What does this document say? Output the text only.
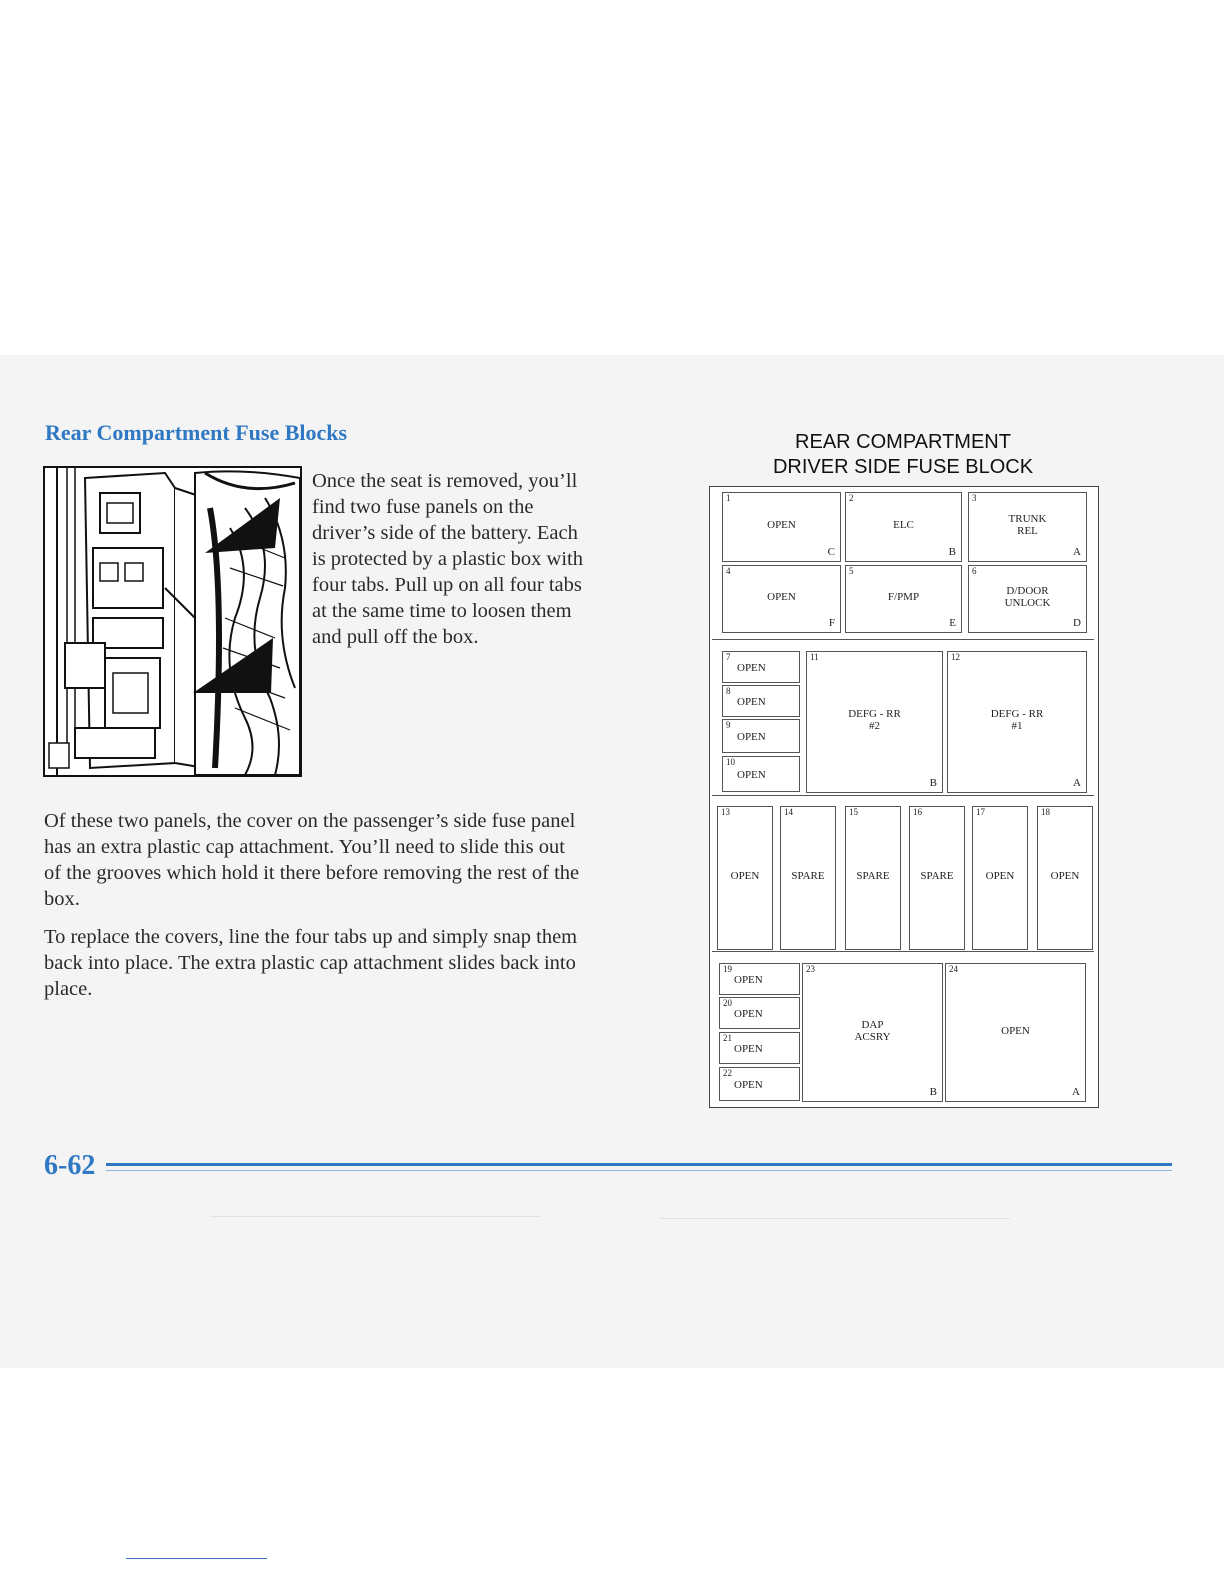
Rear Compartment Fuse Blocks

Once the seat is removed, you’ll find two fuse panels on the driver’s side of the battery. Each is protected by a plastic box with four tabs. Pull up on all four tabs at the same time to loosen them and pull off the box.

Of these two panels, the cover on the passenger’s side fuse panel has an extra plastic cap attachment. You’ll need to slide this out of the grooves which hold it there before removing the rest of the box.

To replace the covers, line the four tabs up and simply snap them back into place. The extra plastic cap attachment slides back into place.

REAR COMPARTMENT
DRIVER SIDE FUSE BLOCK
1
OPEN
C
2
ELC
B
3
TRUNK
REL
A
4
OPEN
F
5
F/PMP
E
6
D/DOOR
UNLOCK
D
7
OPEN
8
OPEN
9
OPEN
10
OPEN
11
DEFG - RR
#2
B
12
DEFG - RR
#1
A
13
OPEN
14
SPARE
15
SPARE
16
SPARE
17
OPEN
18
OPEN
19
OPEN
20
OPEN
21
OPEN
22
OPEN
23
DAP
ACSRY
B
24
OPEN
A
6-62
